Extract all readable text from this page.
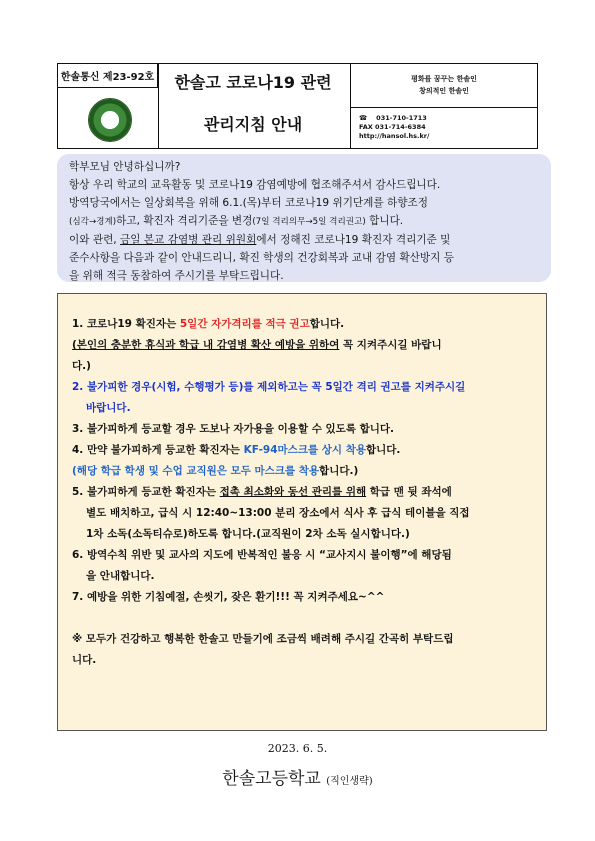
한솔통신 제23-92호	한솔고 코로나19 관련
관리지침 안내
평화를 꿈꾸는 한솔인
창의적인 한솔인
☎ 031-710-1713
FAX 031-714-6384
http://hansol.hs.kr/

학부모님 안녕하십니까?

항상 우리 학교의 교육활동 및 코로나19 감염예방에 협조해주셔서 감사드립니다.

방역당국에서는 일상회복을 위해 6.1.(목)부터 코로나19 위기단계를 하향조정

(심각→경계)하고, 확진자 격리기준을 변경(7일 격리의무→5일 격리권고) 합니다.

이와 관련, 금일 본교 감염병 관리 위원회에서 정해진 코로나19 확진자 격리기준 및

준수사항을 다음과 같이 안내드리니, 확진 학생의 건강회복과 교내 감염 확산방지 등

을 위해 적극 동참하여 주시기를 부탁드립니다.

1. 코로나19 확진자는 5일간 자가격리를 적극 권고합니다.

(본인의 충분한 휴식과 학급 내 감염병 확산 예방을 위하여 꼭 지켜주시길 바랍니

다.)

2. 불가피한 경우(시험, 수행평가 등)를 제외하고는 꼭 5일간 격리 권고를 지켜주시길

바랍니다.

3. 불가피하게 등교할 경우 도보나 자가용을 이용할 수 있도록 합니다.

4. 만약 불가피하게 등교한 확진자는 KF-94마스크를 상시 착용합니다.

(해당 학급 학생 및 수업 교직원은 모두 마스크를 착용합니다.)

5. 불가피하게 등교한 확진자는 접촉 최소화와 동선 관리를 위해 학급 맨 뒷 좌석에

별도 배치하고, 급식 시 12:40~13:00 분리 장소에서 식사 후 급식 테이블을 직접

1차 소독(소독티슈로)하도록 합니다.(교직원이 2차 소독 실시합니다.)

6. 방역수칙 위반 및 교사의 지도에 반복적인 불응 시 “교사지시 불이행”에 해당됨

을 안내합니다.

7. 예방을 위한 기침예절, 손씻기, 잦은 환기!!! 꼭 지켜주세요~^^

※ 모두가 건강하고 행복한 한솔고 만들기에 조금씩 배려해 주시길 간곡히 부탁드립

니다.

2023. 6. 5.
한솔고등학교 (직인생략)
